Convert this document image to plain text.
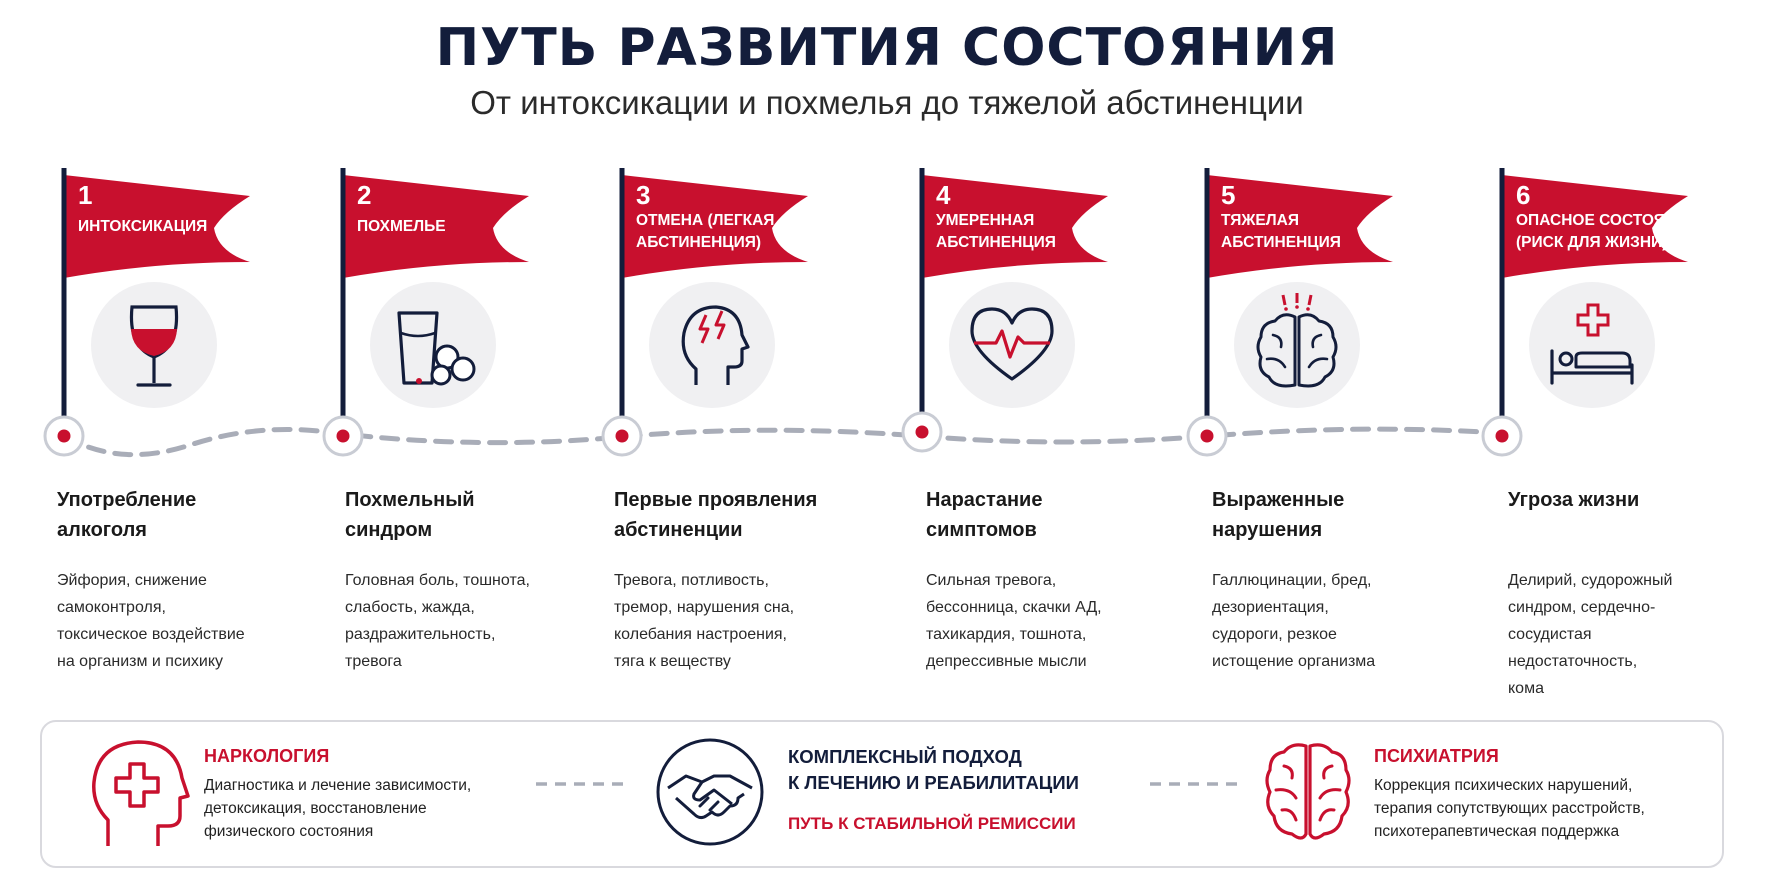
ПУТЬ РАЗВИТИЯ СОСТОЯНИЯ
От интоксикации и похмелья до тяжелой абстиненции
1
ИНТОКСИКАЦИЯ
2
ПОХМЕЛЬЕ
3
ОТМЕНА (ЛЕГКАЯ
АБСТИНЕНЦИЯ)
4
УМЕРЕННАЯ
АБСТИНЕНЦИЯ
5
ТЯЖЕЛАЯ
АБСТИНЕНЦИЯ
6
ОПАСНОЕ СОСТОЯНИЕ
(РИСК ДЛЯ ЖИЗНИ)
Употребление
алкоголя
Эйфория, снижение
самоконтроля,
токсическое воздействие
на организм и психику
Похмельный
синдром
Головная боль, тошнота,
слабость, жажда,
раздражительность,
тревога
Первые проявления
абстиненции
Тревога, потливость,
тремор, нарушения сна,
колебания настроения,
тяга к веществу
Нарастание
симптомов
Сильная тревога,
бессонница, скачки АД,
тахикардия, тошнота,
депрессивные мысли
Выраженные
нарушения
Галлюцинации, бред,
дезориентация,
судороги, резкое
истощение организма
Угроза жизни
Делирий, судорожный
синдром, сердечно-
сосудистая
недостаточность,
кома
НАРКОЛОГИЯ
Диагностика и лечение зависимости,
детоксикация, восстановление
физического состояния
КОМПЛЕКСНЫЙ ПОДХОД
К ЛЕЧЕНИЮ И РЕАБИЛИТАЦИИ
ПУТЬ К СТАБИЛЬНОЙ РЕМИССИИ
ПСИХИАТРИЯ
Коррекция психических нарушений,
терапия сопутствующих расстройств,
психотерапевтическая поддержка
